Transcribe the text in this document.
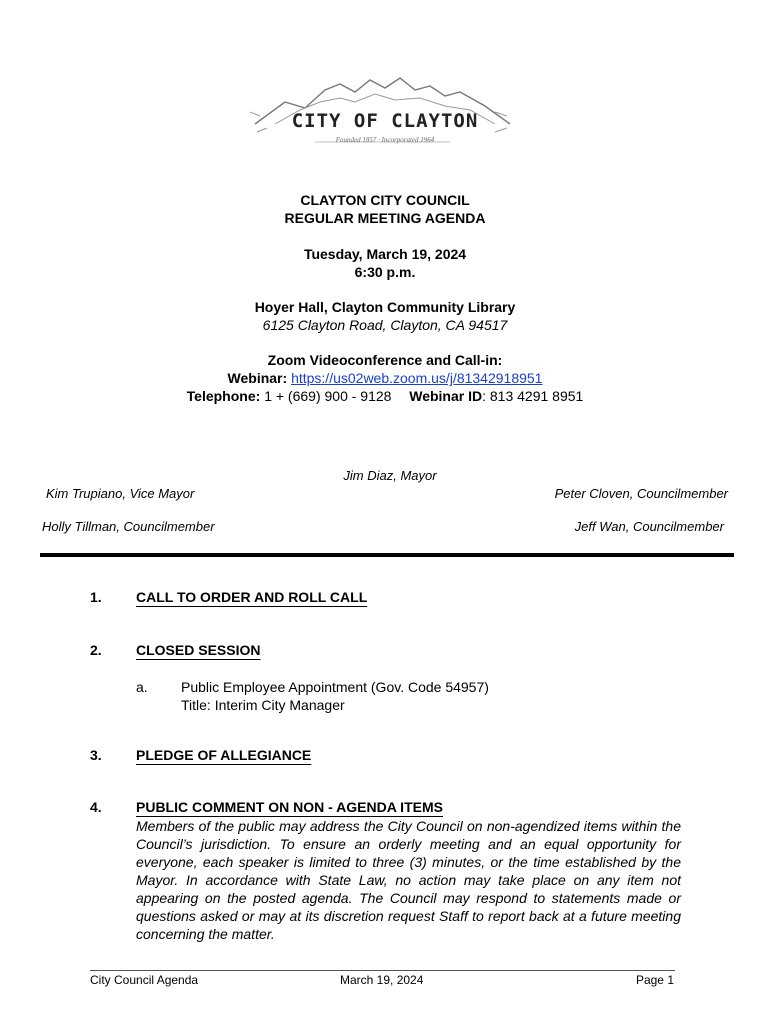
CITY OF CLAYTON
Founded 1857 · Incorporated 1964
CLAYTON CITY COUNCIL
REGULAR MEETING AGENDA
Tuesday, March 19, 2024
6:30 p.m.
Hoyer Hall, Clayton Community Library
6125 Clayton Road, Clayton, CA 94517
Zoom Videoconference and Call-in:
Webinar: https://us02web.zoom.us/j/81342918951
Telephone: 1 + (669) 900 - 9128 Webinar ID: 813 4291 8951
Jim Diaz, Mayor
Kim Trupiano, Vice Mayor	Peter Cloven, Councilmember
Holly Tillman, Councilmember	Jeff Wan, Councilmember
1. CALL TO ORDER AND ROLL CALL
2. CLOSED SESSION
a. Public Employee Appointment (Gov. Code 54957)
Title: Interim City Manager
3. PLEDGE OF ALLEGIANCE
4. PUBLIC COMMENT ON NON - AGENDA ITEMS
Members of the public may address the City Council on non-agendized items within the Council’s jurisdiction. To ensure an orderly meeting and an equal opportunity for everyone, each speaker is limited to three (3) minutes, or the time established by the Mayor. In accordance with State Law, no action may take place on any item not appearing on the posted agenda. The Council may respond to statements made or questions asked or may at its discretion request Staff to report back at a future meeting concerning the matter.
City Council Agenda	March 19, 2024	Page 1
